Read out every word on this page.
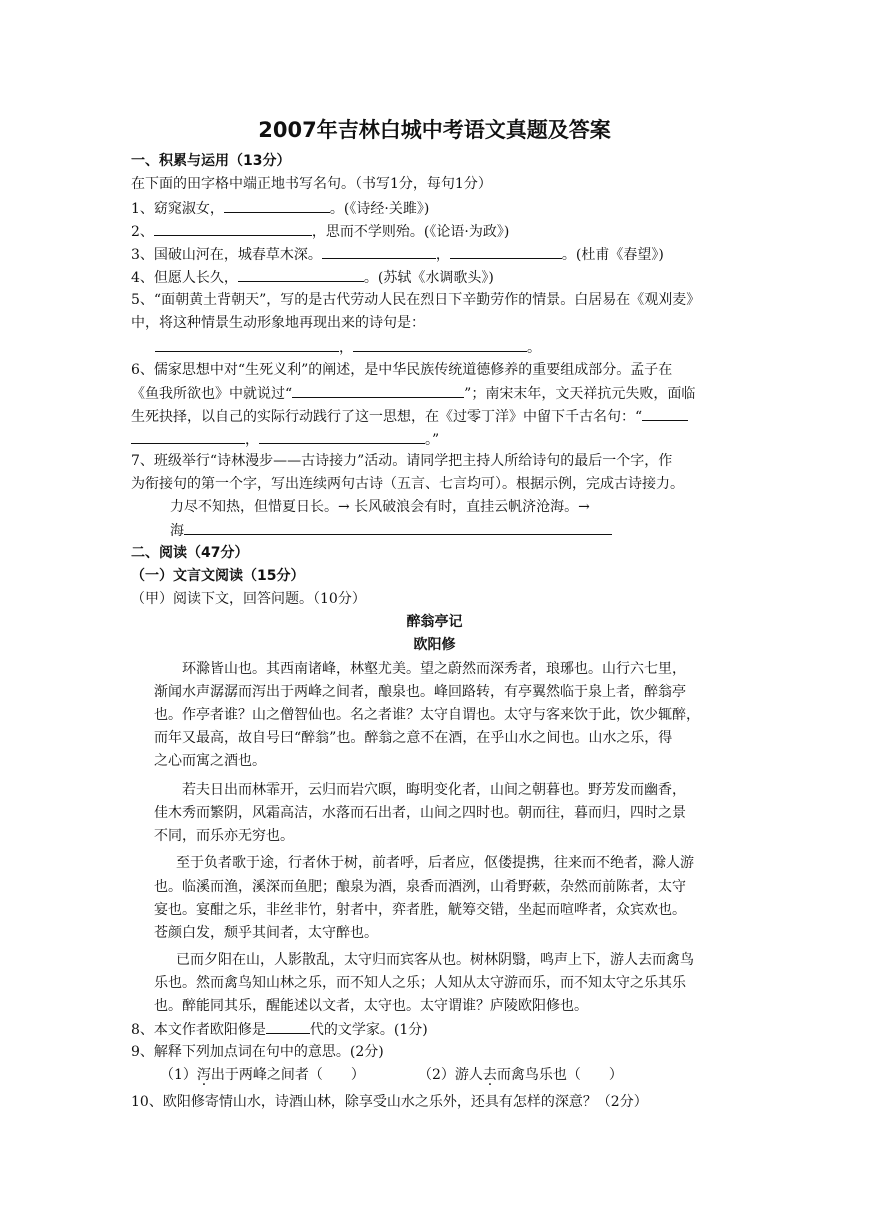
2007年吉林白城中考语文真题及答案
一、积累与运用（13分）
在下面的田字格中端正地书写名句。（书写1分，每句1分）
1、窈窕淑女，	。(《诗经·关雎》)
2、	，思而不学则殆。(《论语·为政》)
3、国破山河在，城春草木深。	，	。(杜甫《春望》)
4、但愿人长久，	。(苏轼《水调歌头》)
5、“面朝黄土背朝天”，写的是古代劳动人民在烈日下辛勤劳作的情景。白居易在《观刈麦》
中，将这种情景生动形象地再现出来的诗句是：
，	。
6、儒家思想中对“生死义利”的阐述，是中华民族传统道德修养的重要组成部分。孟子在
《鱼我所欲也》中就说过“	”；南宋末年，文天祥抗元失败，面临
生死抉择，以自己的实际行动践行了这一思想，在《过零丁洋》中留下千古名句：“
，	。”
7、班级举行“诗林漫步——古诗接力”活动。请同学把主持人所给诗句的最后一个字，作
为衔接句的第一个字，写出连续两句古诗（五言、七言均可）。根据示例，完成古诗接力。
力尽不知热，但惜夏日长。→ 长风破浪会有时，直挂云帆济沧海。→
海
二、阅读（47分）
（一）文言文阅读（15分）
（甲）阅读下文，回答问题。（10分）
醉翁亭记
欧阳修
环滁皆山也。其西南诸峰，林壑尤美。望之蔚然而深秀者，琅琊也。山行六七里，
渐闻水声潺潺而泻出于两峰之间者，酿泉也。峰回路转，有亭翼然临于泉上者，醉翁亭
也。作亭者谁？山之僧智仙也。名之者谁？太守自谓也。太守与客来饮于此，饮少辄醉，
而年又最高，故自号曰“醉翁”也。醉翁之意不在酒，在乎山水之间也。山水之乐，得
之心而寓之酒也。
若夫日出而林霏开，云归而岩穴暝，晦明变化者，山间之朝暮也。野芳发而幽香，
佳木秀而繁阴，风霜高洁，水落而石出者，山间之四时也。朝而往，暮而归，四时之景
不同，而乐亦无穷也。
至于负者歌于途，行者休于树，前者呼，后者应，伛偻提携，往来而不绝者，滁人游
也。临溪而渔，溪深而鱼肥；酿泉为酒，泉香而酒洌，山肴野蔌，杂然而前陈者，太守
宴也。宴酣之乐，非丝非竹，射者中，弈者胜，觥筹交错，坐起而喧哗者，众宾欢也。
苍颜白发，颓乎其间者，太守醉也。
已而夕阳在山，人影散乱，太守归而宾客从也。树林阴翳，鸣声上下，游人去而禽鸟
乐也。然而禽鸟知山林之乐，而不知人之乐；人知从太守游而乐，而不知太守之乐其乐
也。醉能同其乐，醒能述以文者，太守也。太守谓谁？庐陵欧阳修也。
8、本文作者欧阳修是	代的文学家。(1分)
9、解释下列加点词在句中的意思。(2分)
（1）泻出于两峰之间者（　　）	（2）游人去而禽鸟乐也（　　）
10、欧阳修寄情山水，诗酒山林，除享受山水之乐外，还具有怎样的深意？（2分）
